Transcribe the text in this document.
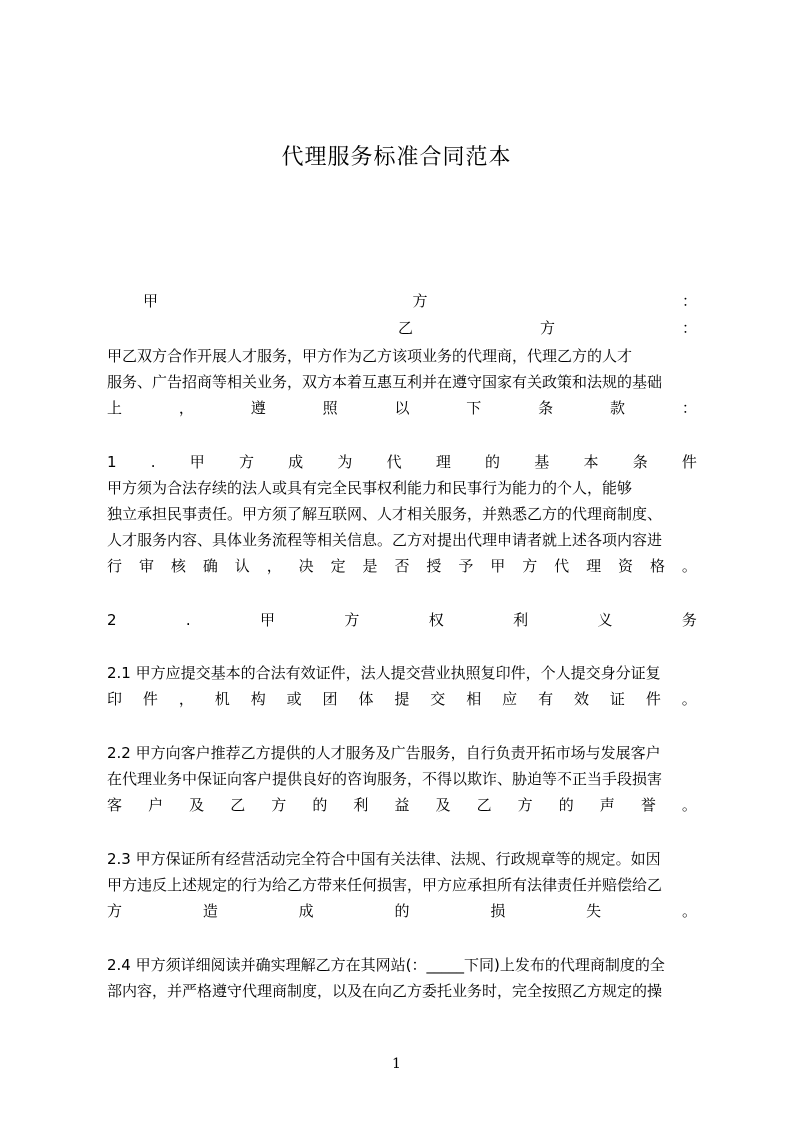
代理服务标准合同范本
甲	方	：
乙	方	：
甲乙双方合作开展人才服务，甲方作为乙方该项业务的代理商，代理乙方的人才
服务、广告招商等相关业务，双方本着互惠互利并在遵守国家有关政策和法规的基础
上	，	遵	照	以	下	条	款	：
1 . 甲 方 成 为 代 理 的 基 本 条 件
甲方须为合法存续的法人或具有完全民事权利能力和民事行为能力的个人，能够
独立承担民事责任。甲方须了解互联网、人才相关服务，并熟悉乙方的代理商制度、
人才服务内容、具体业务流程等相关信息。乙方对提出代理申请者就上述各项内容进
行 审 核 确 认 ， 决 定 是 否 授 予 甲 方 代 理 资 格 。
2	.	甲	方	权	利	义	务
2.1 甲方应提交基本的合法有效证件，法人提交营业执照复印件，个人提交身分证复
印 件 ， 机 构 或 团 体 提 交 相 应 有 效 证 件 。
2.2 甲方向客户推荐乙方提供的人才服务及广告服务，自行负责开拓市场与发展客户
在代理业务中保证向客户提供良好的咨询服务，不得以欺诈、胁迫等不正当手段损害
客 户 及 乙 方 的 利 益 及 乙 方 的 声 誉 。
2.3 甲方保证所有经营活动完全符合中国有关法律、法规、行政规章等的规定。如因
甲方违反上述规定的行为给乙方带来任何损害，甲方应承担所有法律责任并赔偿给乙
方	造	成	的	损	失	。
2.4 甲方须详细阅读并确实理解乙方在其网站(：_____下同)上发布的代理商制度的全
部内容，并严格遵守代理商制度，以及在向乙方委托业务时，完全按照乙方规定的操
1
